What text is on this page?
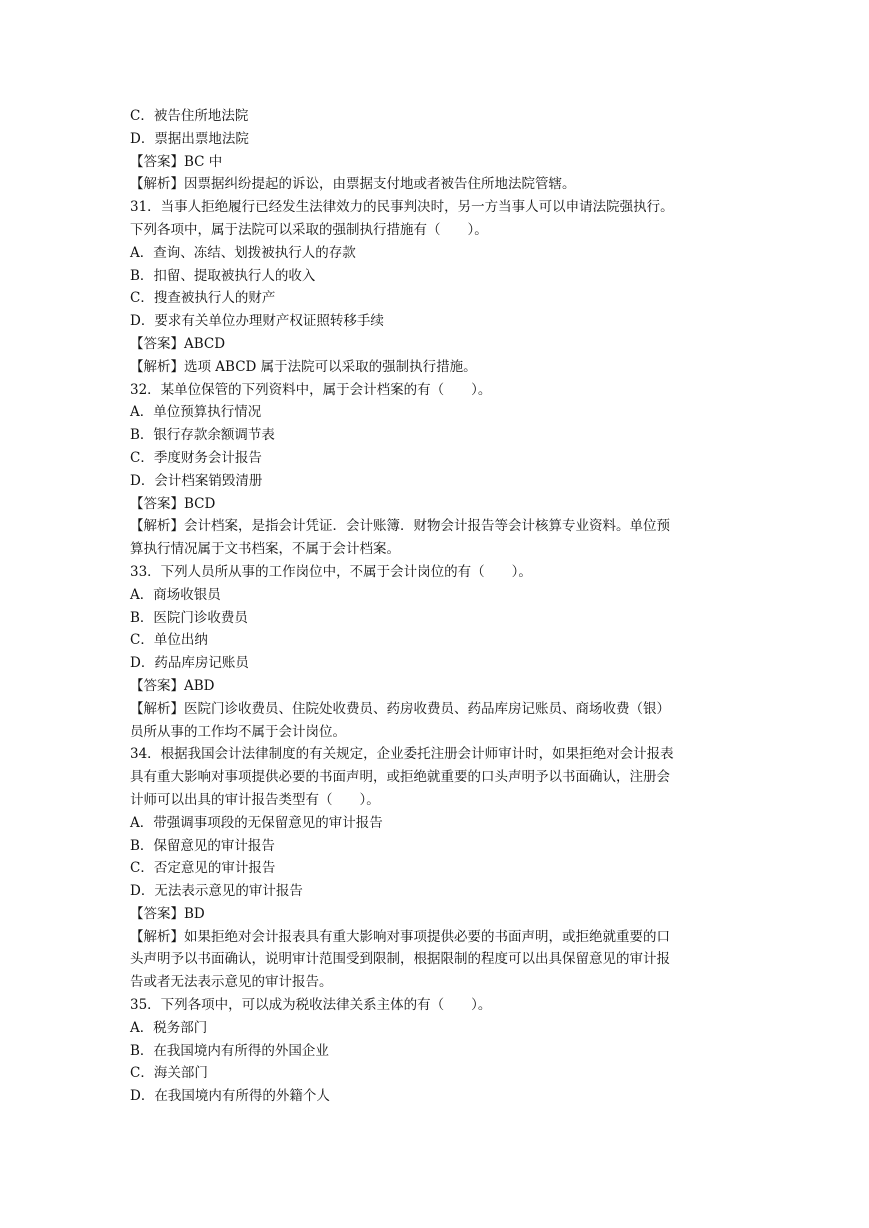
C．被告住所地法院
D．票据出票地法院
【答案】BC 中
【解析】因票据纠纷提起的诉讼，由票据支付地或者被告住所地法院管辖。
31．当事人拒绝履行已经发生法律效力的民事判决时，另一方当事人可以申请法院强执行。
下列各项中，属于法院可以采取的强制执行措施有（　　）。
A．查询、冻结、划拨被执行人的存款
B．扣留、提取被执行人的收入
C．搜查被执行人的财产
D．要求有关单位办理财产权证照转移手续
【答案】ABCD
【解析】选项 ABCD 属于法院可以采取的强制执行措施。
32．某单位保管的下列资料中，属于会计档案的有（　　）。
A．单位预算执行情况
B．银行存款余额调节表
C．季度财务会计报告
D．会计档案销毁清册
【答案】BCD
【解析】会计档案，是指会计凭证．会计账簿．财物会计报告等会计核算专业资料。单位预
算执行情况属于文书档案，不属于会计档案。
33．下列人员所从事的工作岗位中，不属于会计岗位的有（　　）。
A．商场收银员
B．医院门诊收费员
C．单位出纳
D．药品库房记账员
【答案】ABD
【解析】医院门诊收费员、住院处收费员、药房收费员、药品库房记账员、商场收费（银）
员所从事的工作均不属于会计岗位。
34．根据我国会计法律制度的有关规定，企业委托注册会计师审计时，如果拒绝对会计报表
具有重大影响对事项提供必要的书面声明，或拒绝就重要的口头声明予以书面确认，注册会
计师可以出具的审计报告类型有（　　）。
A．带强调事项段的无保留意见的审计报告
B．保留意见的审计报告
C．否定意见的审计报告
D．无法表示意见的审计报告
【答案】BD
【解析】如果拒绝对会计报表具有重大影响对事项提供必要的书面声明，或拒绝就重要的口
头声明予以书面确认，说明审计范围受到限制，根据限制的程度可以出具保留意见的审计报
告或者无法表示意见的审计报告。
35．下列各项中，可以成为税收法律关系主体的有（　　）。
A．税务部门
B．在我国境内有所得的外国企业
C．海关部门
D．在我国境内有所得的外籍个人
